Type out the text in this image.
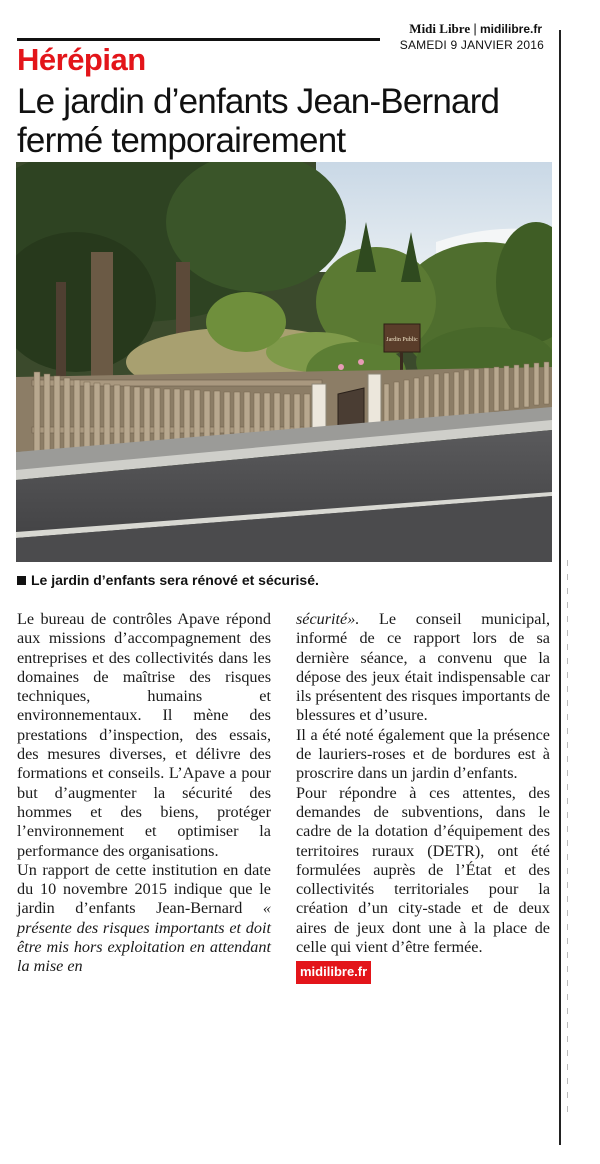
Midi Libre | midilibre.fr
SAMEDI 9 JANVIER 2016
Hérépian
Le jardin d’enfants Jean-Bernard fermé temporairement
Jardin Public
Le jardin d’enfants sera rénové et sécurisé.

Le bureau de contrôles Apave répond aux missions d’accompagnement des entreprises et des collectivités dans les domaines de maîtrise des risques techniques, humains et environnementaux. Il mène des prestations d’inspection, des essais, des mesures diverses, et délivre des formations et conseils. L’Apave a pour but d’augmenter la sécurité des hommes et des biens, protéger l’environnement et optimiser la performance des organisations.

Un rapport de cette institution en date du 10 novembre 2015 indique que le jardin d’enfants Jean-Bernard « présente des risques importants et doit être mis hors exploitation en attendant la mise en

sécurité». Le conseil municipal, informé de ce rapport lors de sa dernière séance, a convenu que la dépose des jeux était indispensable car ils présentent des risques importants de blessures et d’usure.

Il a été noté également que la présence de lauriers-roses et de bordures est à proscrire dans un jardin d’enfants.

Pour répondre à ces attentes, des demandes de subventions, dans le cadre de la dotation d’équipement des territoires ruraux (DETR), ont été formulées auprès de l’État et des collectivités territoriales pour la création d’un city-stade et de deux aires de jeux dont une à la place de celle qui vient d’être fermée.

midilibre.fr
